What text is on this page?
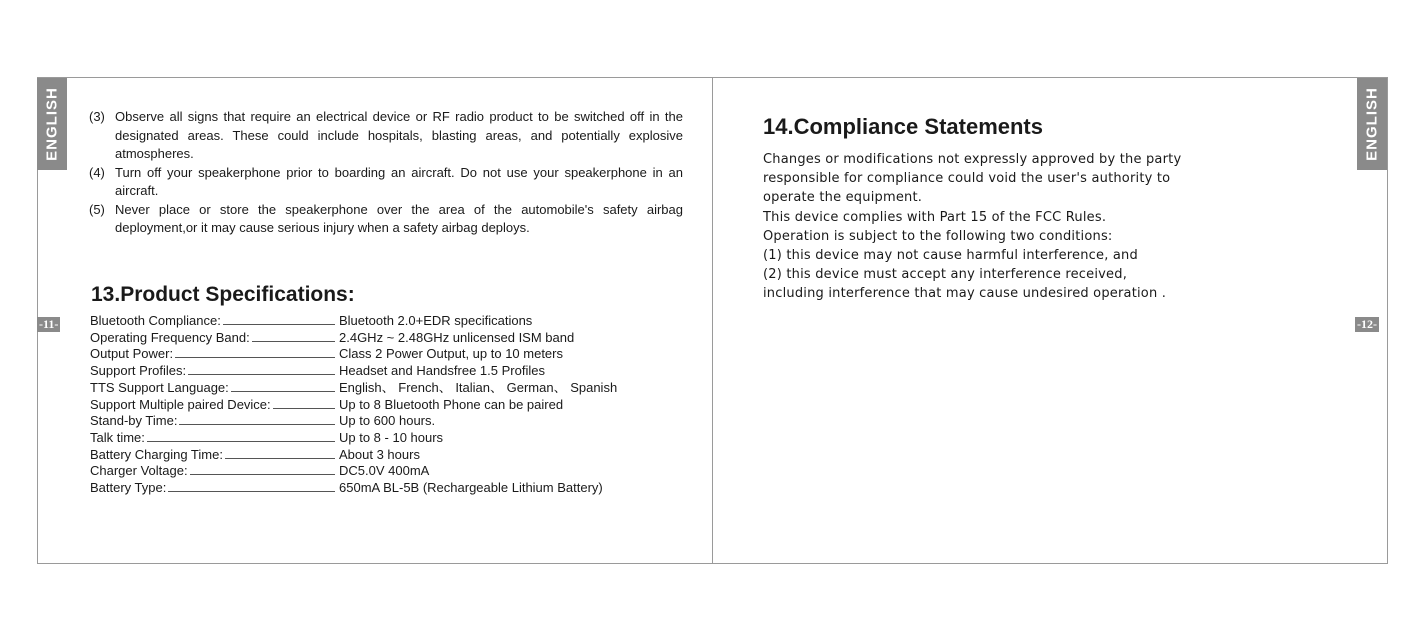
ENGLISH	ENGLISH
-11-	-12-
(3) Observe all signs that require an electrical device or RF radio product to be switched off in the designated areas. These could include hospitals, blasting areas, and potentially explosive atmospheres.
(4) Turn off your speakerphone prior to boarding an aircraft. Do not use your speakerphone in an aircraft.
(5) Never place or store the speakerphone over the area of the automobile's safety airbag deployment,or it may cause serious injury when a safety airbag deploys.
13.Product Specifications:
Bluetooth Compliance:	Bluetooth 2.0+EDR specifications
Operating Frequency Band:	2.4GHz ~ 2.48GHz unlicensed ISM band
Output Power:	Class 2 Power Output, up to 10 meters
Support Profiles:	Headset and Handsfree 1.5 Profiles
TTS Support Language:	English、 French、 Italian、 German、 Spanish
Support Multiple paired Device:	Up to 8 Bluetooth Phone can be paired
Stand-by Time:	Up to 600 hours.
Talk time:	Up to 8 - 10 hours
Battery Charging Time:	About 3 hours
Charger Voltage:	DC5.0V 400mA
Battery Type:	650mA BL-5B (Rechargeable Lithium Battery)
14.Compliance Statements
Changes or modifications not expressly approved by the party
responsible for compliance could void the user's authority to
operate the equipment.
This device complies with Part 15 of the FCC Rules.
Operation is subject to the following two conditions:
(1) this device may not cause harmful interference, and
(2) this device must accept any interference received,
including interference that may cause undesired operation .
